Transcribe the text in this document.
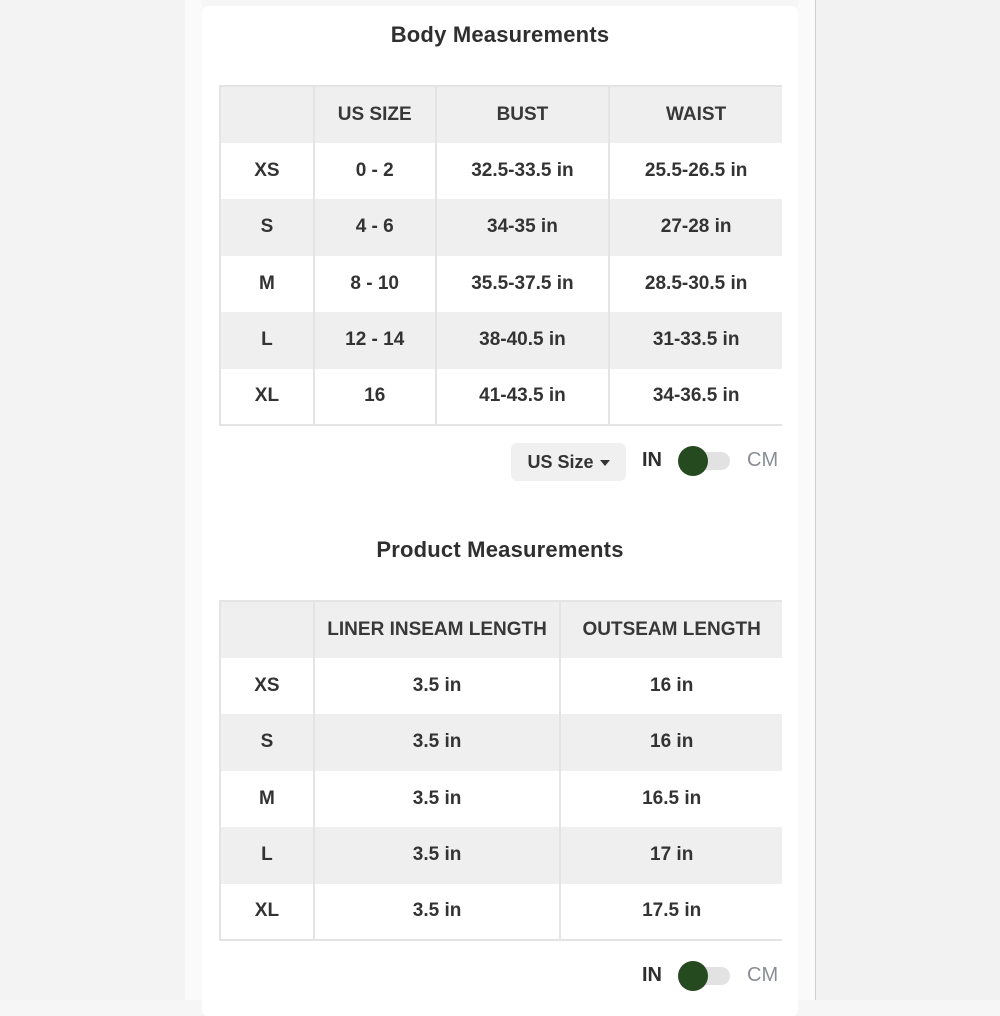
Body Measurements
	US SIZE	BUST	WAIST
XS	0 - 2	32.5-33.5 in	25.5-26.5 in
S	4 - 6	34-35 in	27-28 in
M	8 - 10	35.5-37.5 in	28.5-30.5 in
L	12 - 14	38-40.5 in	31-33.5 in
XL	16	41-43.5 in	34-36.5 in
US Size IN	CM
Product Measurements
	LINER INSEAM LENGTH	OUTSEAM LENGTH
XS	3.5 in	16 in
S	3.5 in	16 in
M	3.5 in	16.5 in
L	3.5 in	17 in
XL	3.5 in	17.5 in
IN	CM
